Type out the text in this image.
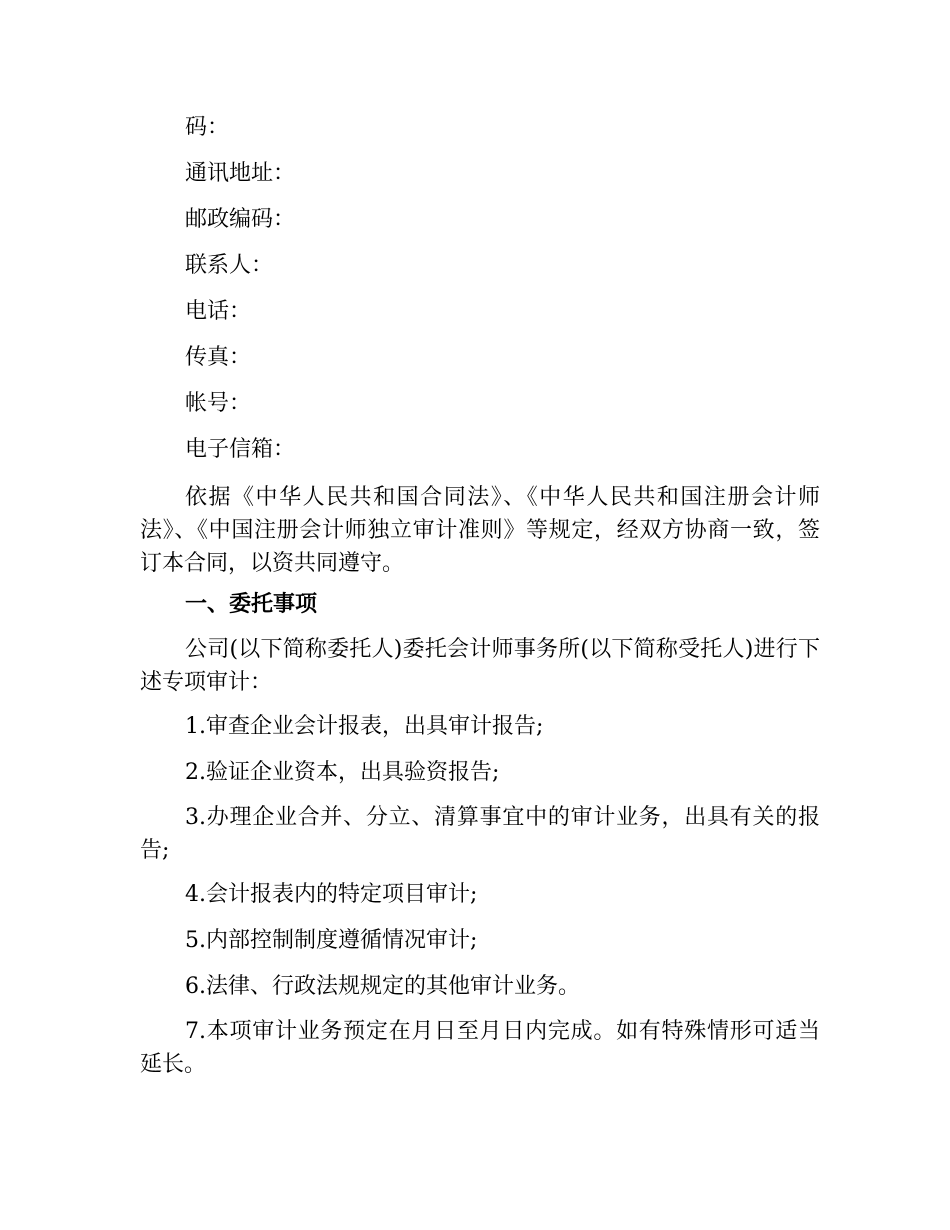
码：
通讯地址：
邮政编码：
联系人：
电话：
传真：
帐号：
电子信箱：
依据《中华人民共和国合同法》、《中华人民共和国注册会计师法》、《中国注册会计师独立审计准则》等规定，经双方协商一致，签订本合同，以资共同遵守。
一、委托事项
公司(以下简称委托人)委托会计师事务所(以下简称受托人)进行下述专项审计：
1.审查企业会计报表，出具审计报告;
2.验证企业资本，出具验资报告;
3.办理企业合并、分立、清算事宜中的审计业务，出具有关的报告;
4.会计报表内的特定项目审计;
5.内部控制制度遵循情况审计;
6.法律、行政法规规定的其他审计业务。
7.本项审计业务预定在月日至月日内完成。如有特殊情形可适当延长。
